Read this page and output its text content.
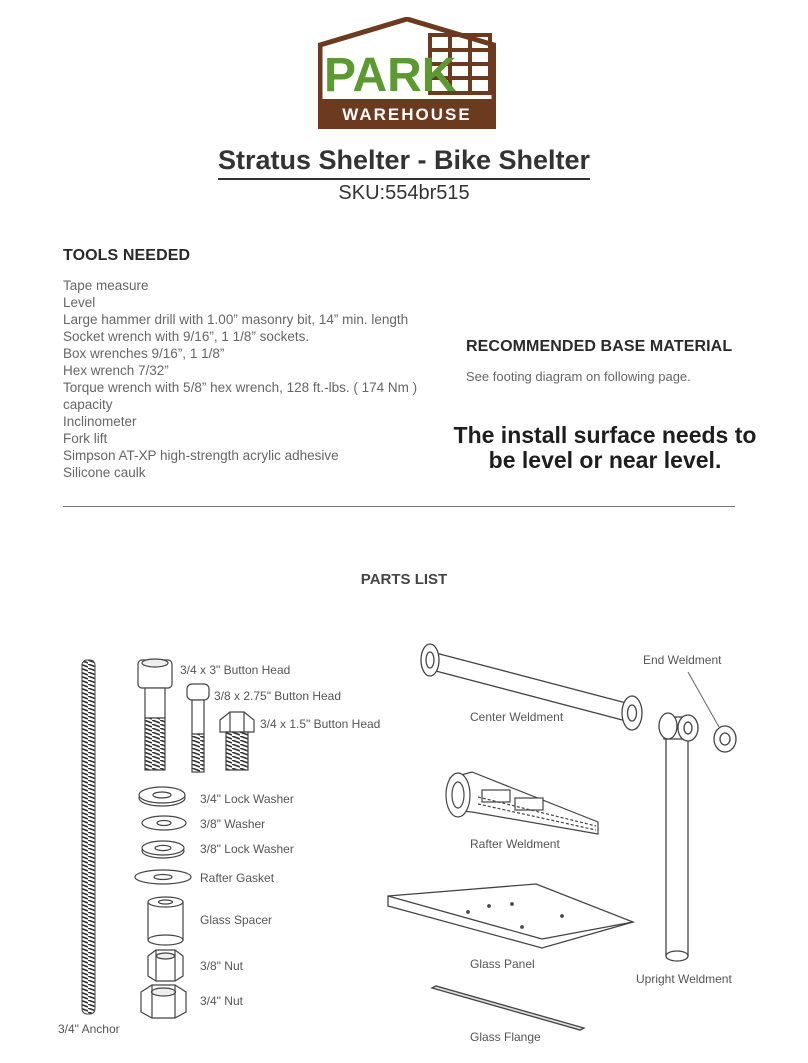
PARK
WAREHOUSE
Stratus Shelter - Bike Shelter
SKU:554br515
TOOLS NEEDED
Tape measure
Level
Large hammer drill with 1.00” masonry bit, 14” min. length
Socket wrench with 9/16”, 1 1/8” sockets.
Box wrenches 9/16”, 1 1/8”
Hex wrench 7/32”
Torque wrench with 5/8” hex wrench, 128 ft.-lbs. ( 174 Nm )
capacity
Inclinometer
Fork lift
Simpson AT-XP high-strength acrylic adhesive
Silicone caulk
RECOMMENDED BASE MATERIAL
See footing diagram on following page.
The install surface needs to be level or near level.
PARTS LIST
3/4 x 3" Button Head
3/8 x 2.75" Button Head
3/4 x 1.5" Button Head
3/4" Lock Washer
3/8" Washer
3/8" Lock Washer
Rafter Gasket
Glass Spacer
3/8" Nut
3/4" Nut
3/4" Anchor
Center Weldment
End Weldment
Rafter Weldment
Glass Panel
Upright Weldment
Glass Flange
